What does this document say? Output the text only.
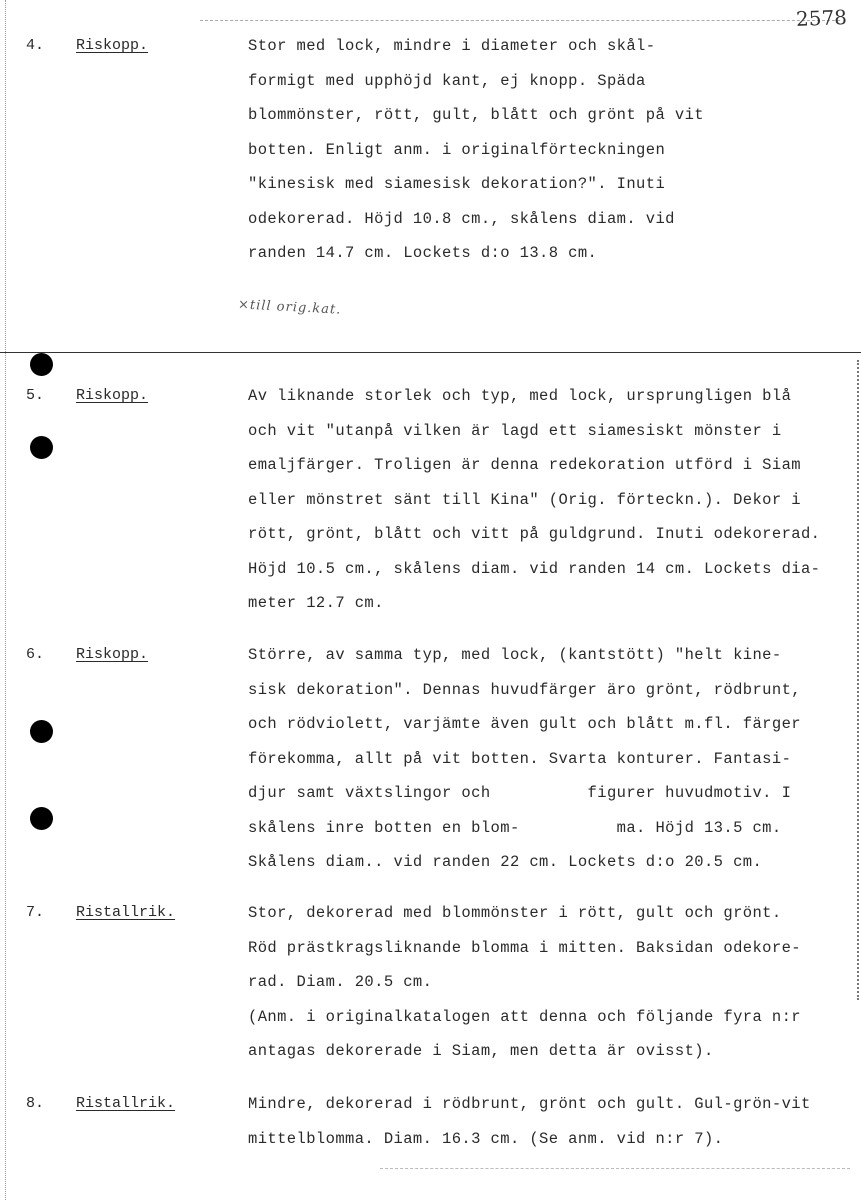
2578
4. Riskopp.	Stor med lock, mindre i diameter och skål-
formigt med upphöjd kant, ej knopp. Späda
blommönster, rött, gult, blått och grönt på vit
botten. Enligt anm. i originalförteckningen
"kinesisk med siamesisk dekoration?". Inuti
odekorerad. Höjd 10.8 cm., skålens diam. vid
randen 14.7 cm. Lockets d:o 13.8 cm.
×till orig.kat.
5. Riskopp.	Av liknande storlek och typ, med lock, ursprungligen blå
och vit "utanpå vilken är lagd ett siamesiskt mönster i
emaljfärger. Troligen är denna redekoration utförd i Siam
eller mönstret sänt till Kina" (Orig. förteckn.). Dekor i
rött, grönt, blått och vitt på guldgrund. Inuti odekorerad.
Höjd 10.5 cm., skålens diam. vid randen 14 cm. Lockets dia-
meter 12.7 cm.
6. Riskopp.	Större, av samma typ, med lock, (kantstött) "helt kine-
sisk dekoration". Dennas huvudfärger äro grönt, rödbrunt,
och rödviolett, varjämte även gult och blått m.fl. färger
förekomma, allt på vit botten. Svarta konturer. Fantasi-
djur samt växtslingor och          figurer huvudmotiv. I
skålens inre botten en blom-          ma. Höjd 13.5 cm.
Skålens diam.. vid randen 22 cm. Lockets d:o 20.5 cm.
7. Ristallrik.	Stor, dekorerad med blommönster i rött, gult och grönt.
Röd prästkragsliknande blomma i mitten. Baksidan odekore-
rad. Diam. 20.5 cm.
(Anm. i originalkatalogen att denna och följande fyra n:r
antagas dekorerade i Siam, men detta är ovisst).
8. Ristallrik.	Mindre, dekorerad i rödbrunt, grönt och gult. Gul-grön-vit
mittelblomma. Diam. 16.3 cm. (Se anm. vid n:r 7).
